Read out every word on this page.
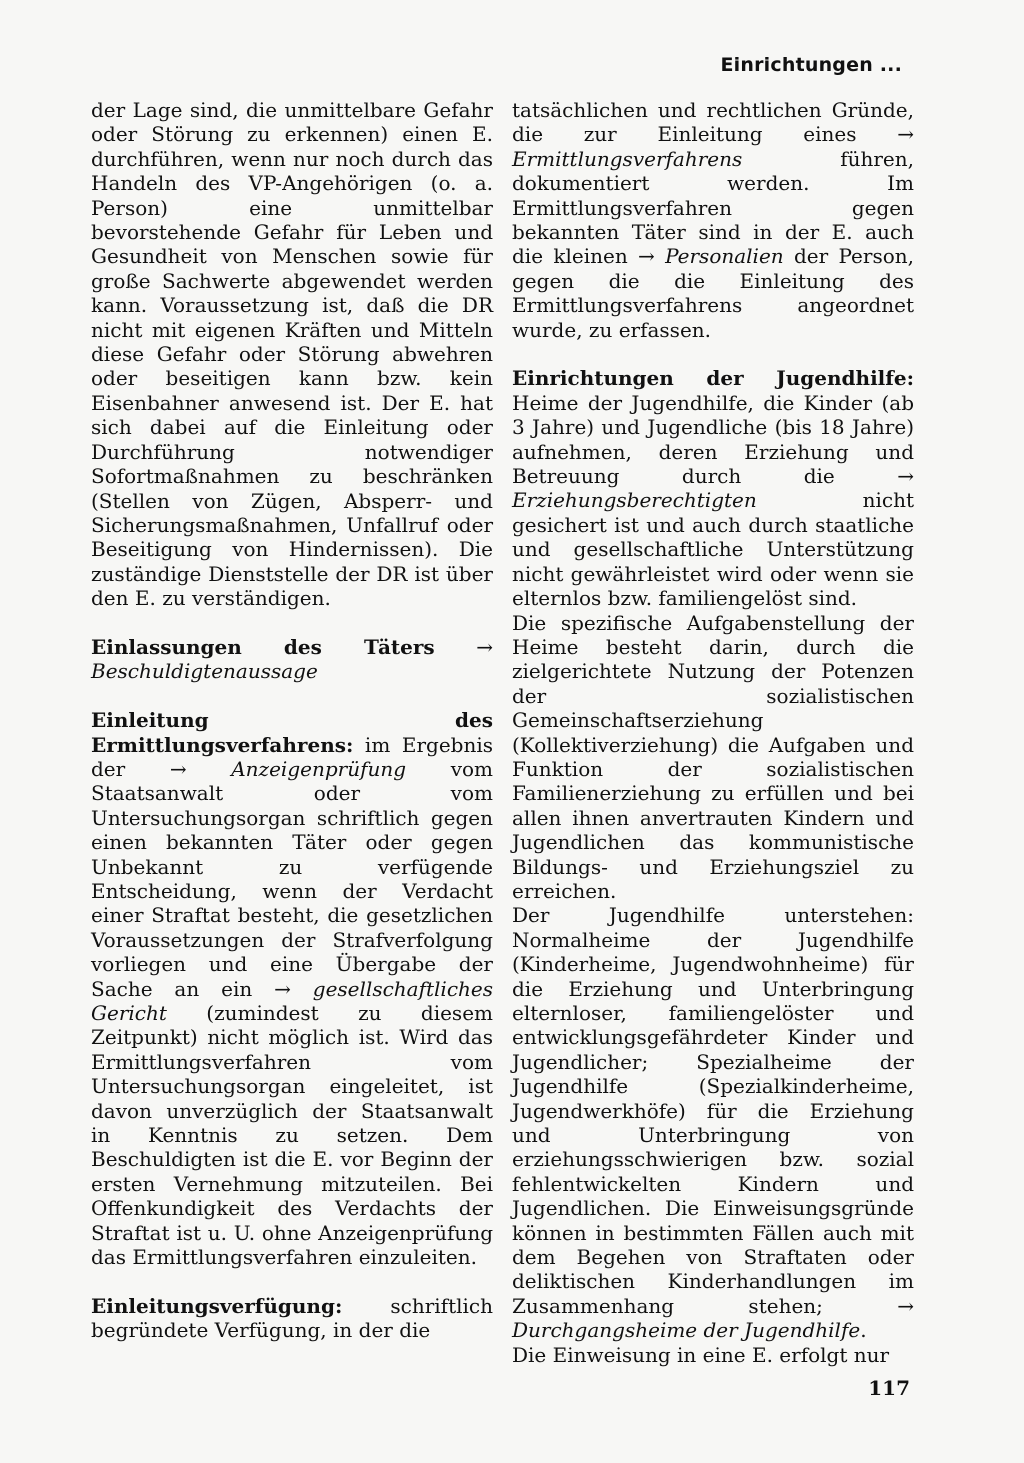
Einrichtungen ...

der Lage sind, die unmittelbare Gefahr oder Störung zu erkennen) einen E. durchführen, wenn nur noch durch das Handeln des VP-Angehörigen (o. a. Person) eine unmittelbar bevorstehende Gefahr für Leben und Gesundheit von Menschen sowie für große Sachwerte abgewendet werden kann. Voraussetzung ist, daß die DR nicht mit eigenen Kräften und Mitteln diese Gefahr oder Störung abwehren oder beseitigen kann bzw. kein Eisenbahner anwesend ist. Der E. hat sich dabei auf die Einleitung oder Durchführung notwendiger Sofortmaßnahmen zu beschränken (Stellen von Zügen, Absperr- und Sicherungsmaßnahmen, Unfallruf oder Beseitigung von Hindernissen). Die zuständige Dienststelle der DR ist über den E. zu verständigen.

Einlassungen des Täters → Beschuldigtenaussage

Einleitung des Ermittlungsverfahrens: im Ergebnis der → Anzeigenprüfung vom Staatsanwalt oder vom Untersuchungsorgan schriftlich gegen einen bekannten Täter oder gegen Unbekannt zu verfügende Entscheidung, wenn der Verdacht einer Straftat besteht, die gesetzlichen Voraussetzungen der Strafverfolgung vorliegen und eine Übergabe der Sache an ein → gesellschaftliches Gericht (zumindest zu diesem Zeitpunkt) nicht möglich ist. Wird das Ermittlungsverfahren vom Untersuchungsorgan eingeleitet, ist davon unverzüglich der Staatsanwalt in Kenntnis zu setzen. Dem Beschuldigten ist die E. vor Beginn der ersten Vernehmung mitzuteilen. Bei Offenkundigkeit des Verdachts der Straftat ist u. U. ohne Anzeigenprüfung das Ermittlungsverfahren einzuleiten.

Einleitungsverfügung: schriftlich begründete Verfügung, in der die

tatsächlichen und rechtlichen Gründe, die zur Einleitung eines → Ermittlungsverfahrens führen, dokumentiert werden. Im Ermittlungsverfahren gegen bekannten Täter sind in der E. auch die kleinen → Personalien der Person, gegen die die Einleitung des Ermittlungsverfahrens angeordnet wurde, zu erfassen.

Einrichtungen der Jugendhilfe: Heime der Jugendhilfe, die Kinder (ab 3 Jahre) und Jugendliche (bis 18 Jahre) aufnehmen, deren Erziehung und Betreuung durch die → Erziehungsberechtigten nicht gesichert ist und auch durch staatliche und gesellschaftliche Unterstützung nicht gewährleistet wird oder wenn sie elternlos bzw. familiengelöst sind.

Die spezifische Aufgabenstellung der Heime besteht darin, durch die zielgerichtete Nutzung der Potenzen der sozialistischen Gemeinschaftserziehung (Kollektiverziehung) die Aufgaben und Funktion der sozialistischen Familienerziehung zu erfüllen und bei allen ihnen anvertrauten Kindern und Jugendlichen das kommunistische Bildungs- und Erziehungsziel zu erreichen.

Der Jugendhilfe unterstehen: Normalheime der Jugendhilfe (Kinderheime, Jugendwohnheime) für die Erziehung und Unterbringung elternloser, familiengelöster und entwicklungsgefährdeter Kinder und Jugendlicher; Spezialheime der Jugendhilfe (Spezialkinderheime, Jugendwerkhöfe) für die Erziehung und Unterbringung von erziehungsschwierigen bzw. sozial fehlentwickelten Kindern und Jugendlichen. Die Einweisungsgründe können in bestimmten Fällen auch mit dem Begehen von Straftaten oder deliktischen Kinderhandlungen im Zusammenhang stehen; → Durchgangsheime der Jugendhilfe.

Die Einweisung in eine E. erfolgt nur

117
